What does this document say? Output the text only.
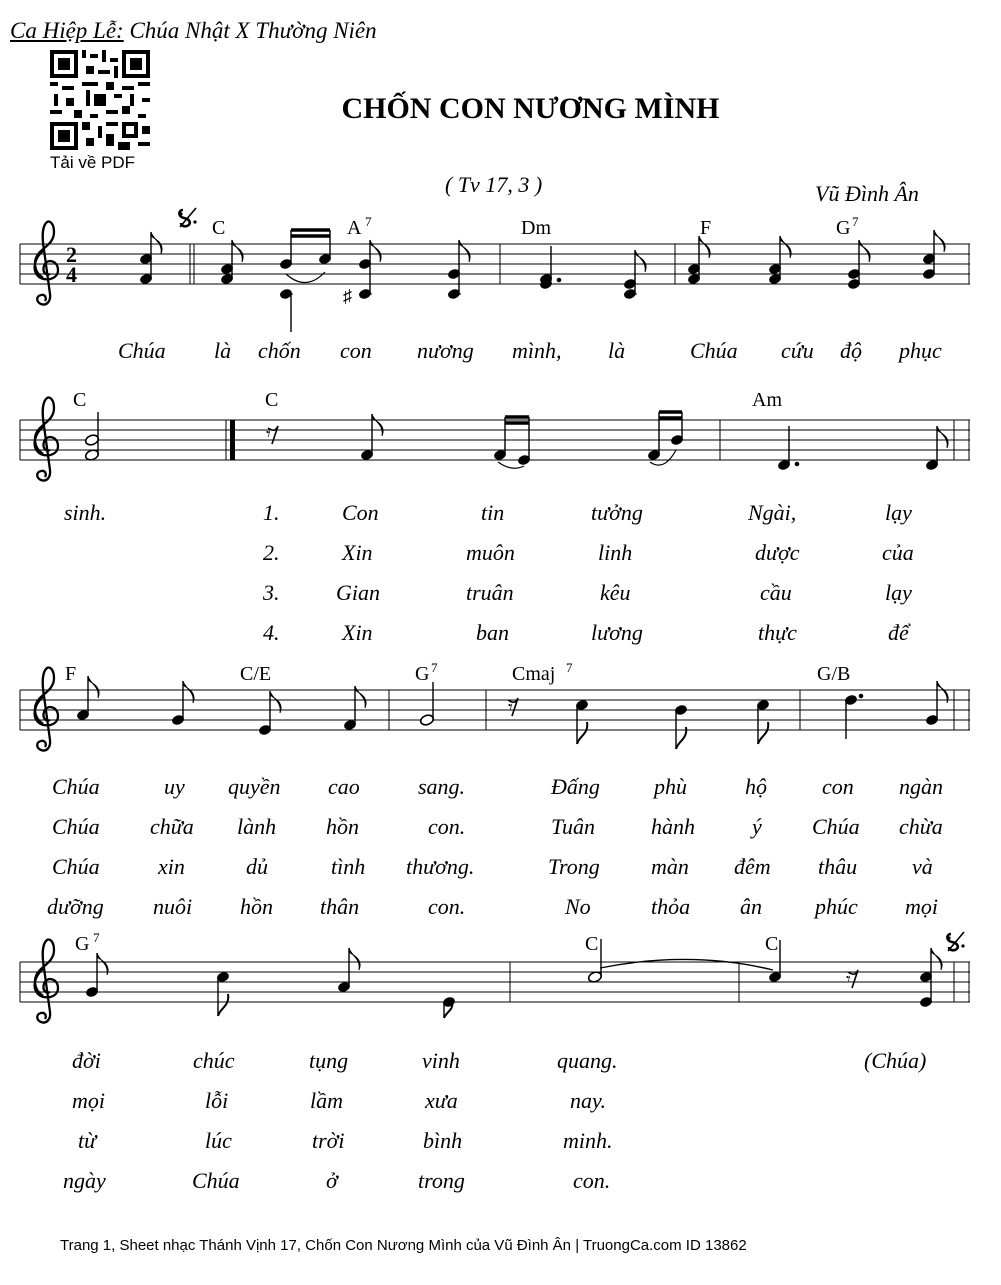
Ca Hiệp Lễ: Chúa Nhật X Thường Niên
Tải về PDF
CHỐN CON NƯƠNG MÌNH
( Tv 17, 3 )	Vũ Đình Ân
2
4
♯
C	A 7	Dm	F	G 7
Chúa là chốn con nương mình, là	Chúa cứu độ phục
𝄾
C	C	Am
sinh.	1.	Con	tin	tưởng	Ngài,	lạy
2.	Xin	muôn	linh	dược	của
3.	Gian	truân	kêu	cầu	lạy
4.	Xin	ban	lương	thực	để
𝄾
F	C/E	G 7	Cmaj 7	G/B
Chúa	uy quyền cao	sang.	Đấng phù	hộ	con ngàn
Chúa chữa lành hồn	con.	Tuân	hành	ý Chúa chừa
Chúa	xin	dủ	tình thương.	Trong màn đêm thâu và
dưỡng nuôi hồn thân	con.	No	thỏa ân phúc mọi
𝄾
G 7	C	C
đời	chúc	tụng	vinh	quang.	(Chúa)
mọi	lỗi	lầm	xưa	nay.
từ	lúc	trời	bình	minh.
ngày	Chúa	ở	trong	con.
Trang 1, Sheet nhạc Thánh Vịnh 17, Chốn Con Nương Mình của Vũ Đình Ân | TruongCa.com ID 13862
